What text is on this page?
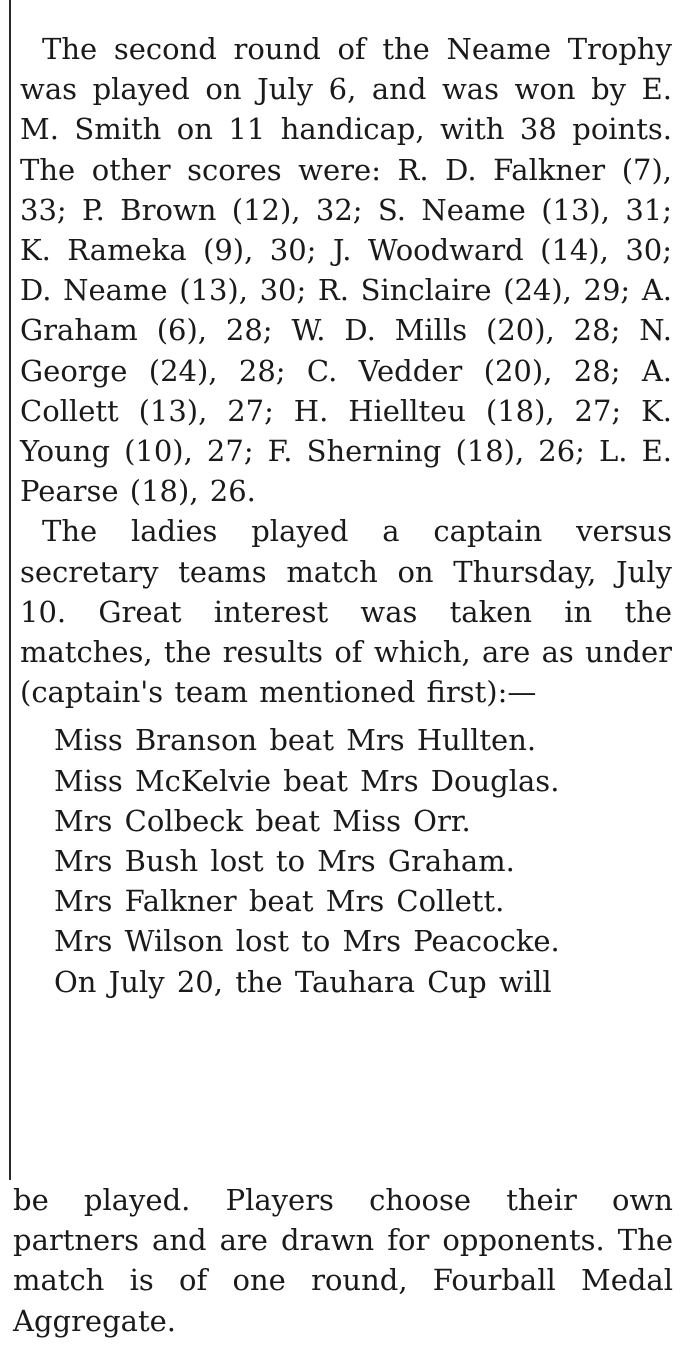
The second round of the Neame Trophy was played on July 6, and was won by E. M. Smith on 11 handicap, with 38 points. The other scores were: R. D. Falkner (7), 33; P. Brown (12), 32; S. Neame (13), 31; K. Rameka (9), 30; J. Woodward (14), 30; D. Neame (13), 30; R. Sinclaire (24), 29; A. Graham (6), 28; W. D. Mills (20), 28; N. George (24), 28; C. Vedder (20), 28; A. Collett (13), 27; H. Hiellteu (18), 27; K. Young (10), 27; F. Sherning (18), 26; L. E. Pearse (18), 26.

The ladies played a captain versus secretary teams match on Thursday, July 10. Great interest was taken in the matches, the results of which, are as under (captain's team mentioned first):—

Miss Branson beat Mrs Hullten.
Miss McKelvie beat Mrs Douglas.
Mrs Colbeck beat Miss Orr.
Mrs Bush lost to Mrs Graham.
Mrs Falkner beat Mrs Collett.
Mrs Wilson lost to Mrs Peacocke.

On July 20, the Tauhara Cup will

be played. Players choose their own partners and are drawn for opponents. The match is of one round, Fourball Medal Aggregate.
